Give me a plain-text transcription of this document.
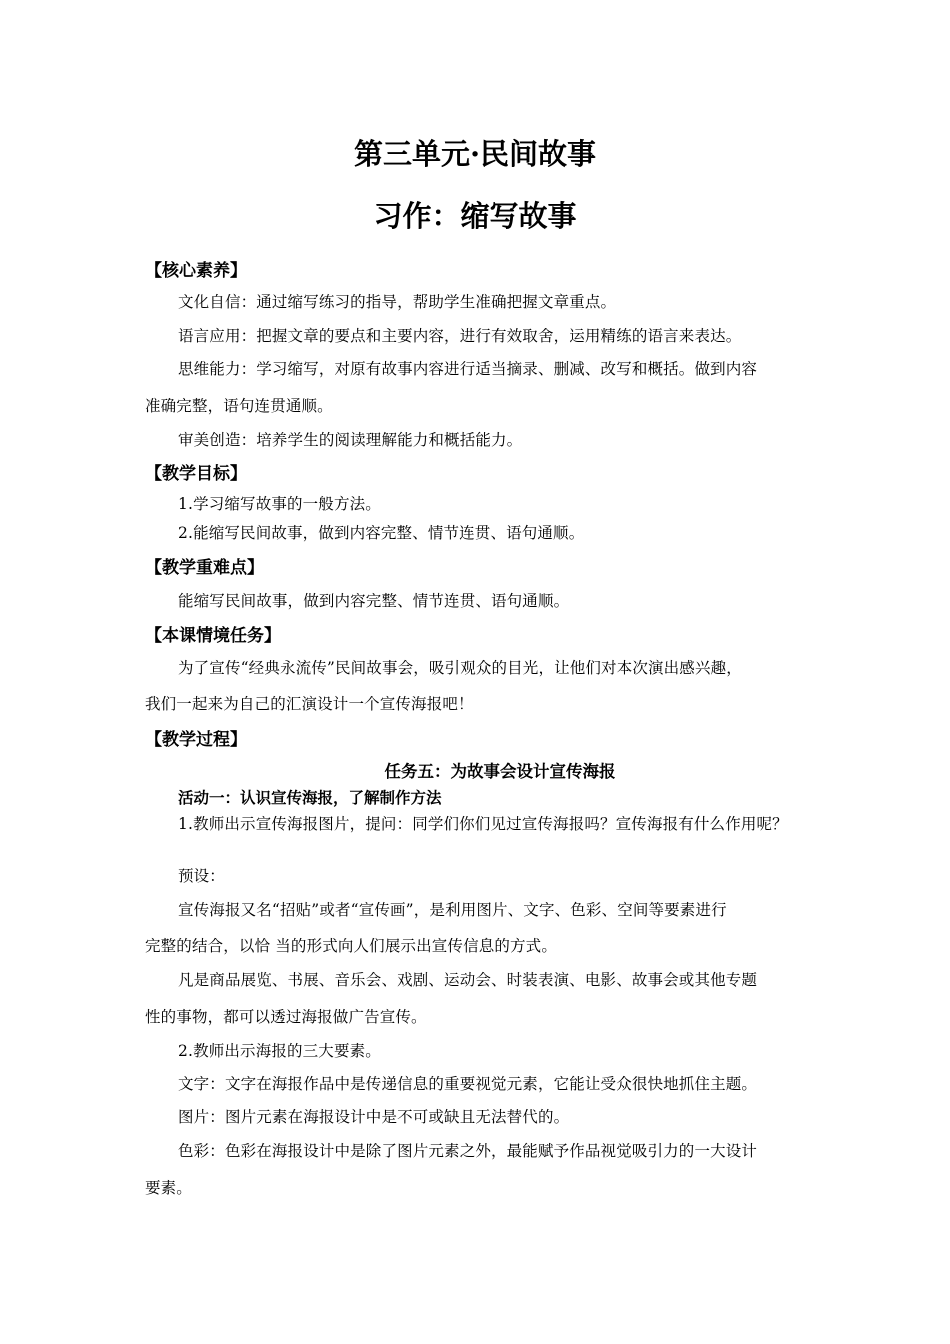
第三单元·民间故事
习作：缩写故事
【核心素养】

文化自信：通过缩写练习的指导，帮助学生准确把握文章重点。

语言应用：把握文章的要点和主要内容，进行有效取舍，运用精练的语言来表达。

思维能力：学习缩写，对原有故事内容进行适当摘录、删减、改写和概括。做到内容

准确完整，语句连贯通顺。

审美创造：培养学生的阅读理解能力和概括能力。

【教学目标】

1.学习缩写故事的一般方法。

2.能缩写民间故事，做到内容完整、情节连贯、语句通顺。

【教学重难点】

能缩写民间故事，做到内容完整、情节连贯、语句通顺。

【本课情境任务】

为了宣传“经典永流传”民间故事会，吸引观众的目光，让他们对本次演出感兴趣，

我们一起来为自己的汇演设计一个宣传海报吧！

【教学过程】
任务五：为故事会设计宣传海报
活动一：认识宣传海报，了解制作方法

1.教师出示宣传海报图片，提问：同学们你们见过宣传海报吗？宣传海报有什么作用呢？

预设：

宣传海报又名“招贴”或者“宣传画”，是利用图片、文字、色彩、空间等要素进行

完整的结合，以恰 当的形式向人们展示出宣传信息的方式。

凡是商品展览、书展、音乐会、戏剧、运动会、时装表演、电影、故事会或其他专题

性的事物，都可以透过海报做广告宣传。

2.教师出示海报的三大要素。

文字：文字在海报作品中是传递信息的重要视觉元素，它能让受众很快地抓住主题。

图片：图片元素在海报设计中是不可或缺且无法替代的。

色彩：色彩在海报设计中是除了图片元素之外，最能赋予作品视觉吸引力的一大设计

要素。
